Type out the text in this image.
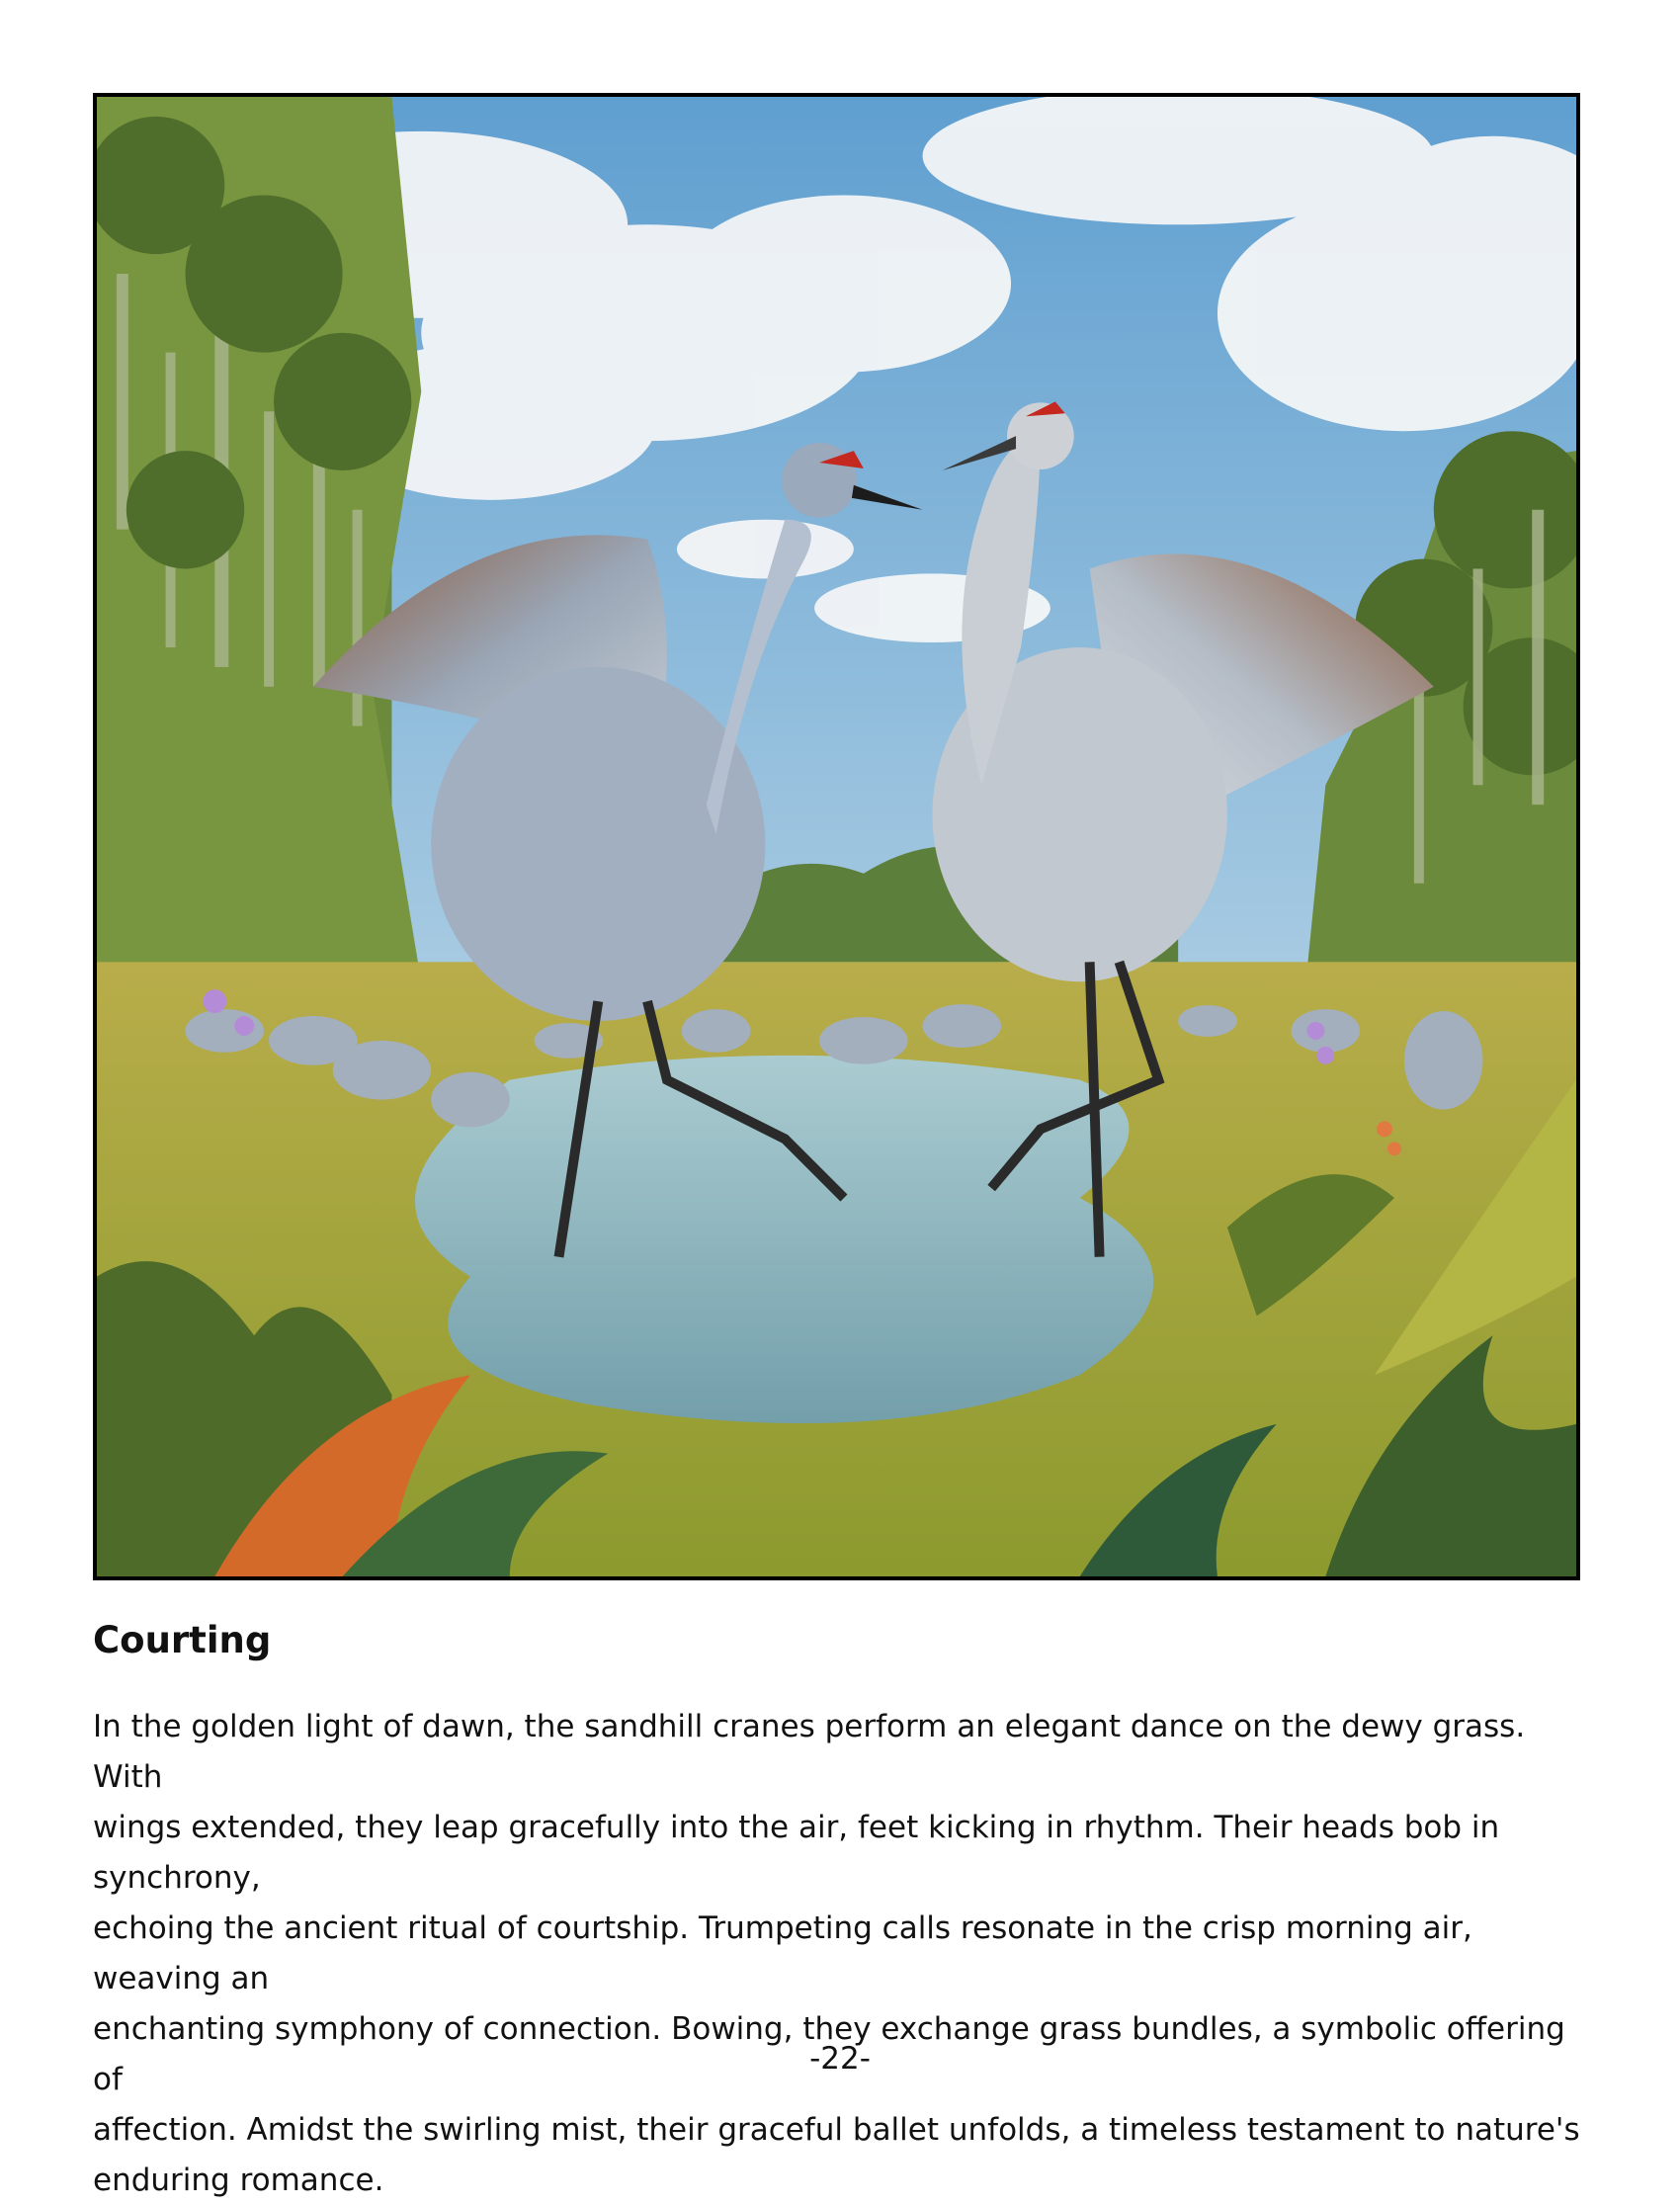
Courting

In the golden light of dawn, the sandhill cranes perform an elegant dance on the dewy grass. With
wings extended, they leap gracefully into the air, feet kicking in rhythm. Their heads bob in synchrony,
echoing the ancient ritual of courtship. Trumpeting calls resonate in the crisp morning air, weaving an
enchanting symphony of connection. Bowing, they exchange grass bundles, a symbolic offering of
affection. Amidst the swirling mist, their graceful ballet unfolds, a timeless testament to nature's
enduring romance.

-22-
